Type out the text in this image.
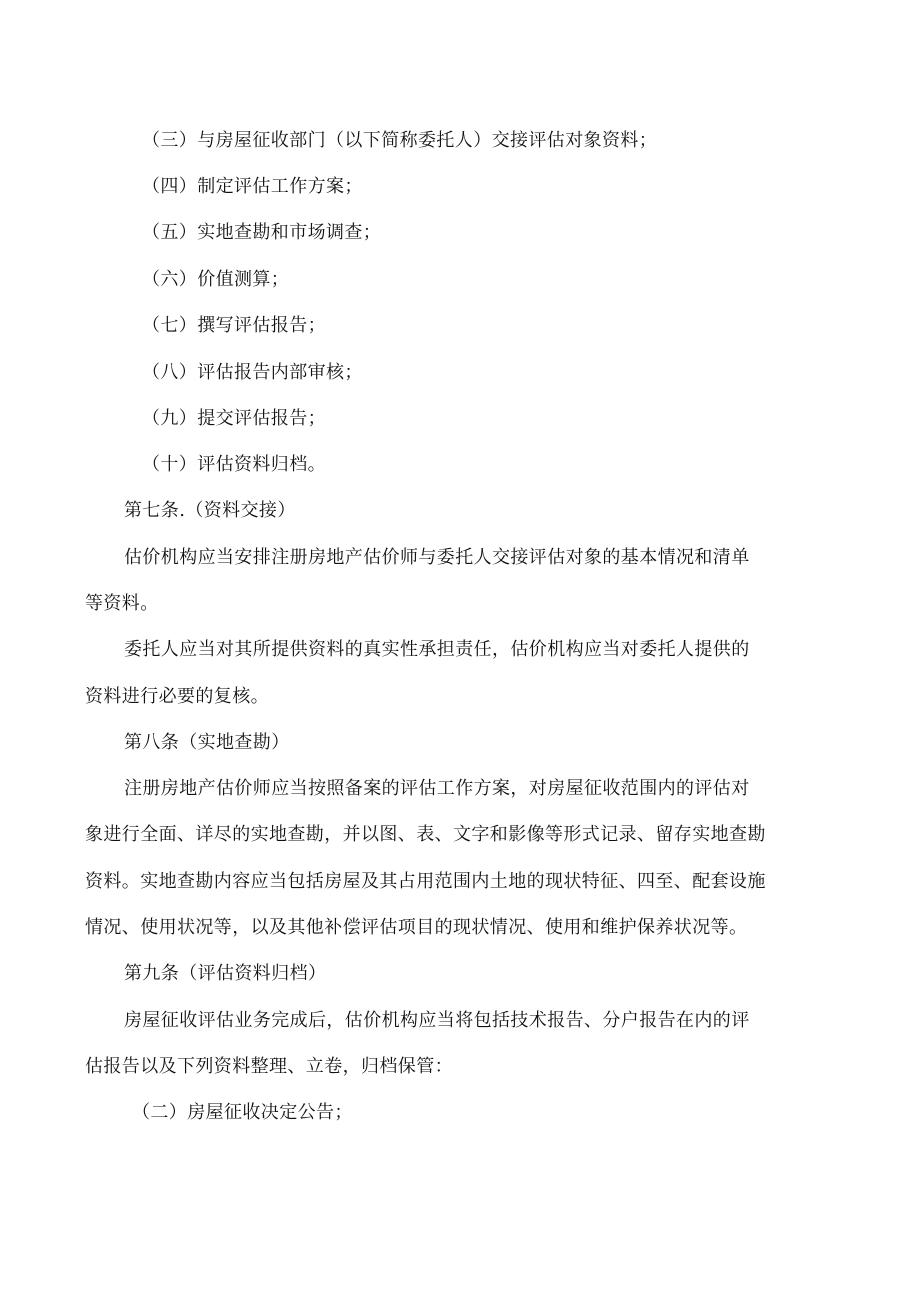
（三）与房屋征收部门（以下简称委托人）交接评估对象资料；
（四）制定评估工作方案；
（五）实地查勘和市场调查；
（六）价值测算；
（七）撰写评估报告；
（八）评估报告内部审核；
（九）提交评估报告；
（十）评估资料归档。
第七条.（资料交接）
估价机构应当安排注册房地产估价师与委托人交接评估对象的基本情况和清单
等资料。
委托人应当对其所提供资料的真实性承担责任，估价机构应当对委托人提供的
资料进行必要的复核。
第八条（实地查勘）
注册房地产估价师应当按照备案的评估工作方案，对房屋征收范围内的评估对
象进行全面、详尽的实地查勘，并以图、表、文字和影像等形式记录、留存实地查勘
资料。实地查勘内容应当包括房屋及其占用范围内土地的现状特征、四至、配套设施
情况、使用状况等，以及其他补偿评估项目的现状情况、使用和维护保养状况等。
第九条（评估资料归档）
房屋征收评估业务完成后，估价机构应当将包括技术报告、分户报告在内的评
估报告以及下列资料整理、立卷，归档保管：
（二）房屋征收决定公告；
